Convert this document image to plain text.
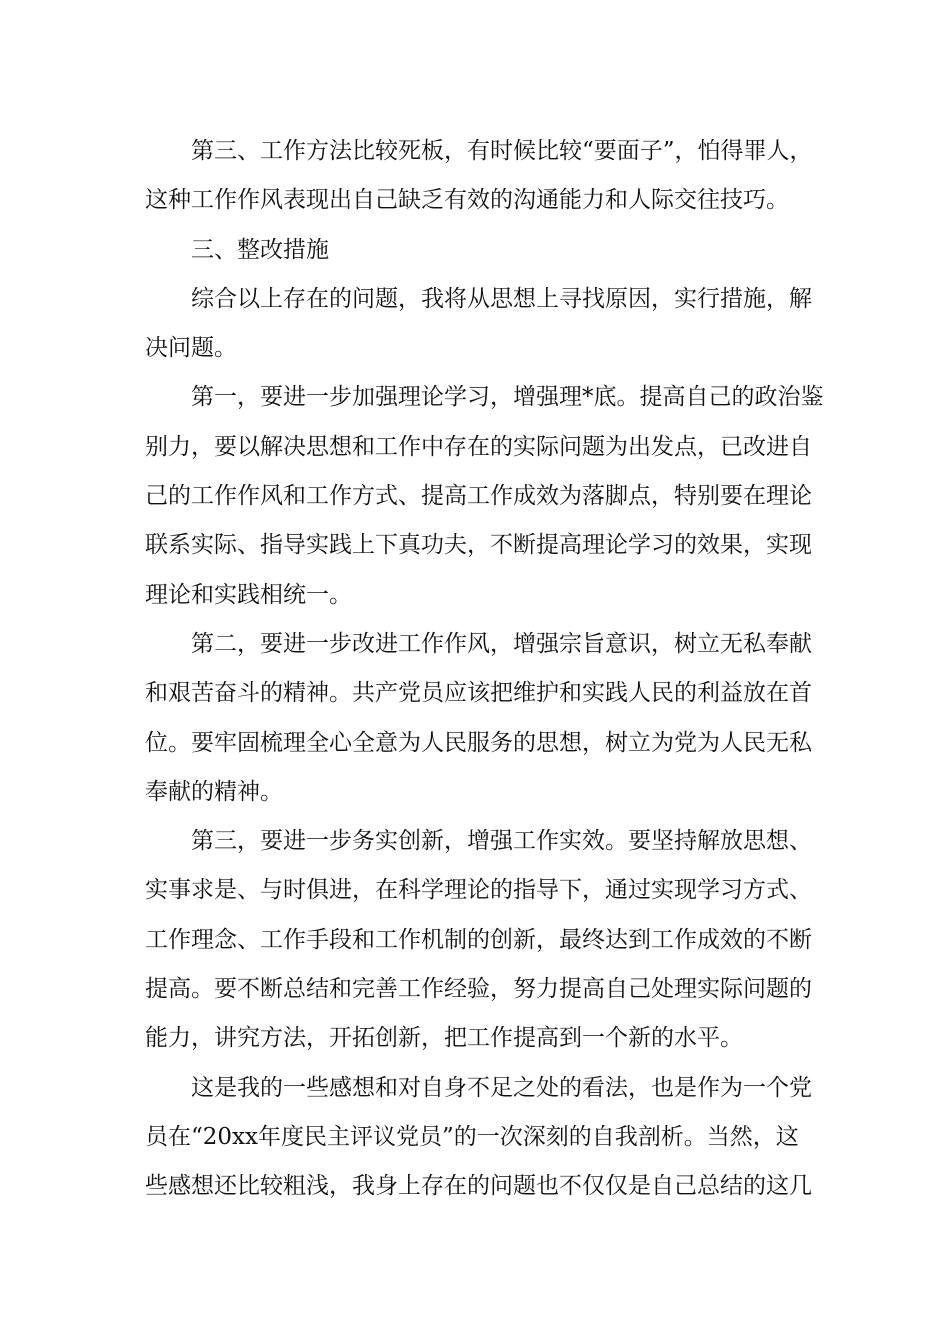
第三、工作方法比较死板，有时候比较“要面子”，怕得罪人，
这种工作作风表现出自己缺乏有效的沟通能力和人际交往技巧。
三、整改措施
综合以上存在的问题，我将从思想上寻找原因，实行措施，解
决问题。
第一，要进一步加强理论学习，增强理*底。提高自己的政治鉴
别力，要以解决思想和工作中存在的实际问题为出发点，已改进自
己的工作作风和工作方式、提高工作成效为落脚点，特别要在理论
联系实际、指导实践上下真功夫，不断提高理论学习的效果，实现
理论和实践相统一。
第二，要进一步改进工作作风，增强宗旨意识，树立无私奉献
和艰苦奋斗的精神。共产党员应该把维护和实践人民的利益放在首
位。要牢固梳理全心全意为人民服务的思想，树立为党为人民无私
奉献的精神。
第三，要进一步务实创新，增强工作实效。要坚持解放思想、
实事求是、与时俱进，在科学理论的指导下，通过实现学习方式、
工作理念、工作手段和工作机制的创新，最终达到工作成效的不断
提高。要不断总结和完善工作经验，努力提高自己处理实际问题的
能力，讲究方法，开拓创新，把工作提高到一个新的水平。
这是我的一些感想和对自身不足之处的看法，也是作为一个党
员在“20xx年度民主评议党员”的一次深刻的自我剖析。当然，这
些感想还比较粗浅，我身上存在的问题也不仅仅是自己总结的这几
